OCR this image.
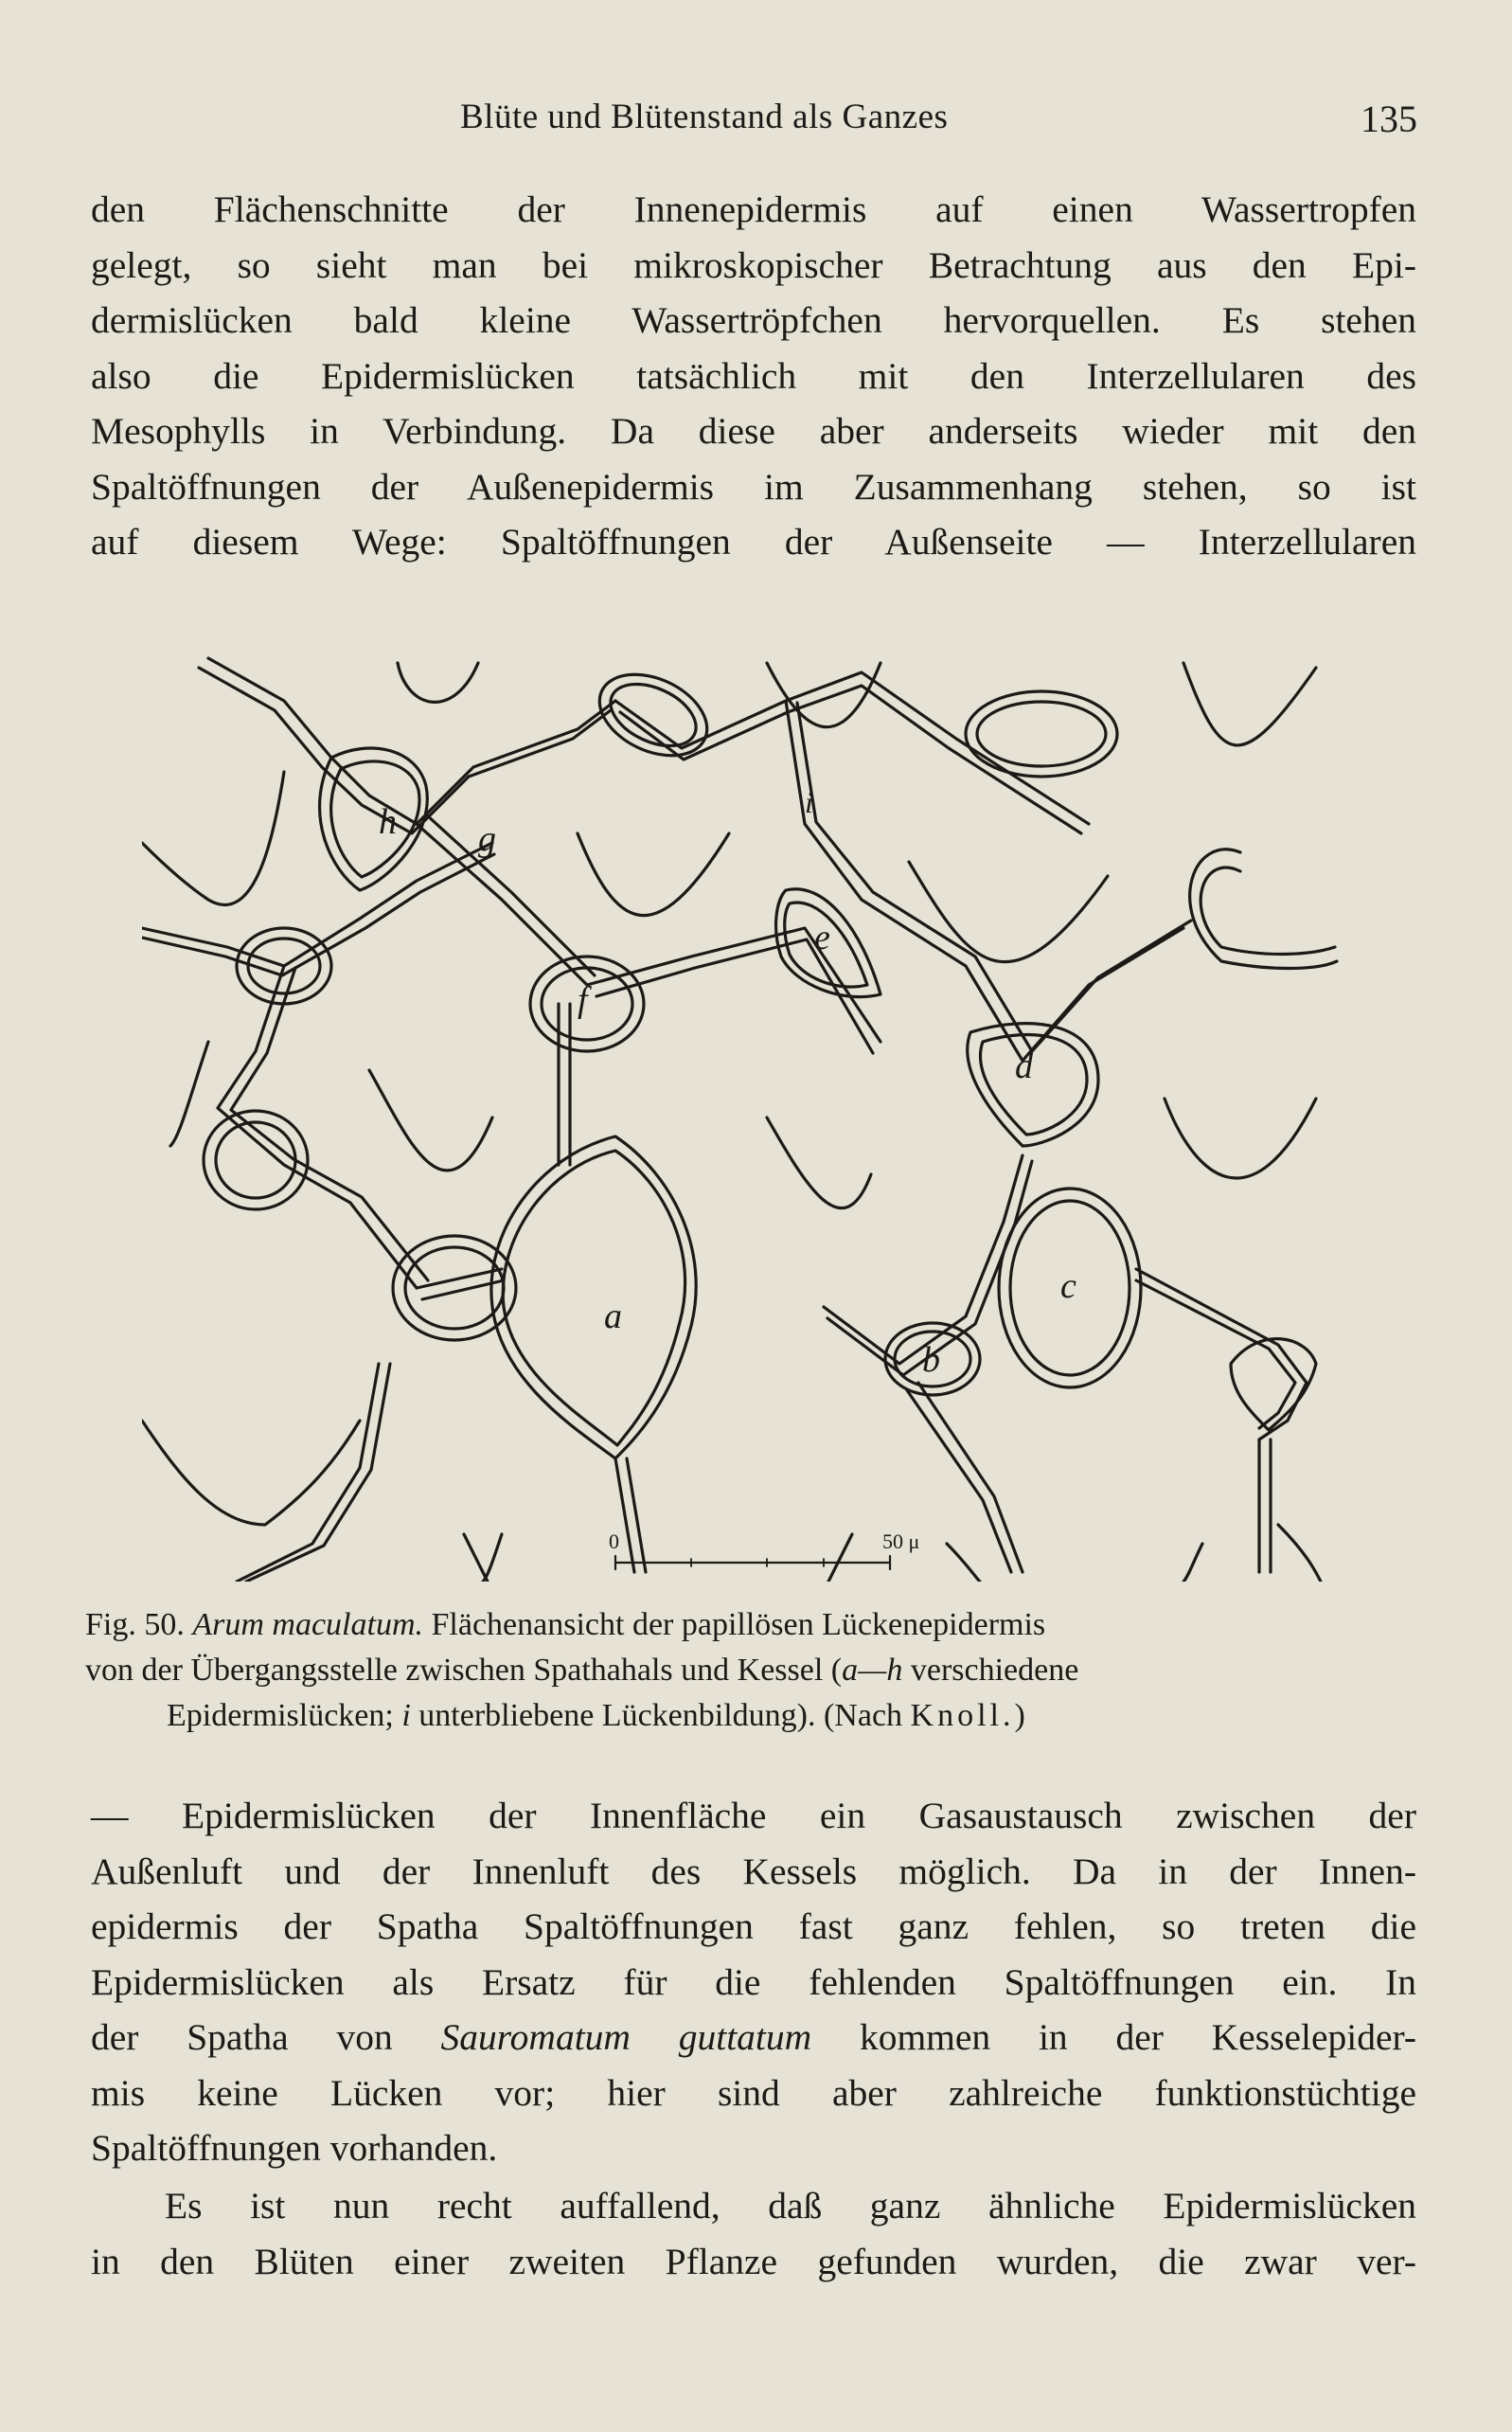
Blüte und Blütenstand als Ganzes	135
den Flächenschnitte der Innenepidermis auf einen Wassertropfen
gelegt, so sieht man bei mikroskopischer Betrachtung aus den Epi-
dermislücken bald kleine Wassertröpfchen hervorquellen. Es stehen
also die Epidermislücken tatsächlich mit den Interzellularen des
Mesophylls in Verbindung. Da diese aber anderseits wieder mit den
Spaltöffnungen der Außenepidermis im Zusammenhang stehen, so ist
auf diesem Wege: Spaltöffnungen der Außenseite — Interzellularen
a
b
c
d
e
f
g
h	i
0	50 μ
Fig. 50. Arum maculatum. Flächenansicht der papillösen Lückenepidermis
von der Übergangsstelle zwischen Spathahals und Kessel (a—h verschiedene
Epidermislücken; i unterbliebene Lückenbildung). (Nach Knoll.)
— Epidermislücken der Innenfläche ein Gasaustausch zwischen der
Außenluft und der Innenluft des Kessels möglich. Da in der Innen-
epidermis der Spatha Spaltöffnungen fast ganz fehlen, so treten die
Epidermislücken als Ersatz für die fehlenden Spaltöffnungen ein. In
der Spatha von Sauromatum guttatum kommen in der Kesselepider-
mis keine Lücken vor; hier sind aber zahlreiche funktionstüchtige
Spaltöffnungen vorhanden.
Es ist nun recht auffallend, daß ganz ähnliche Epidermislücken
in den Blüten einer zweiten Pflanze gefunden wurden, die zwar ver-
